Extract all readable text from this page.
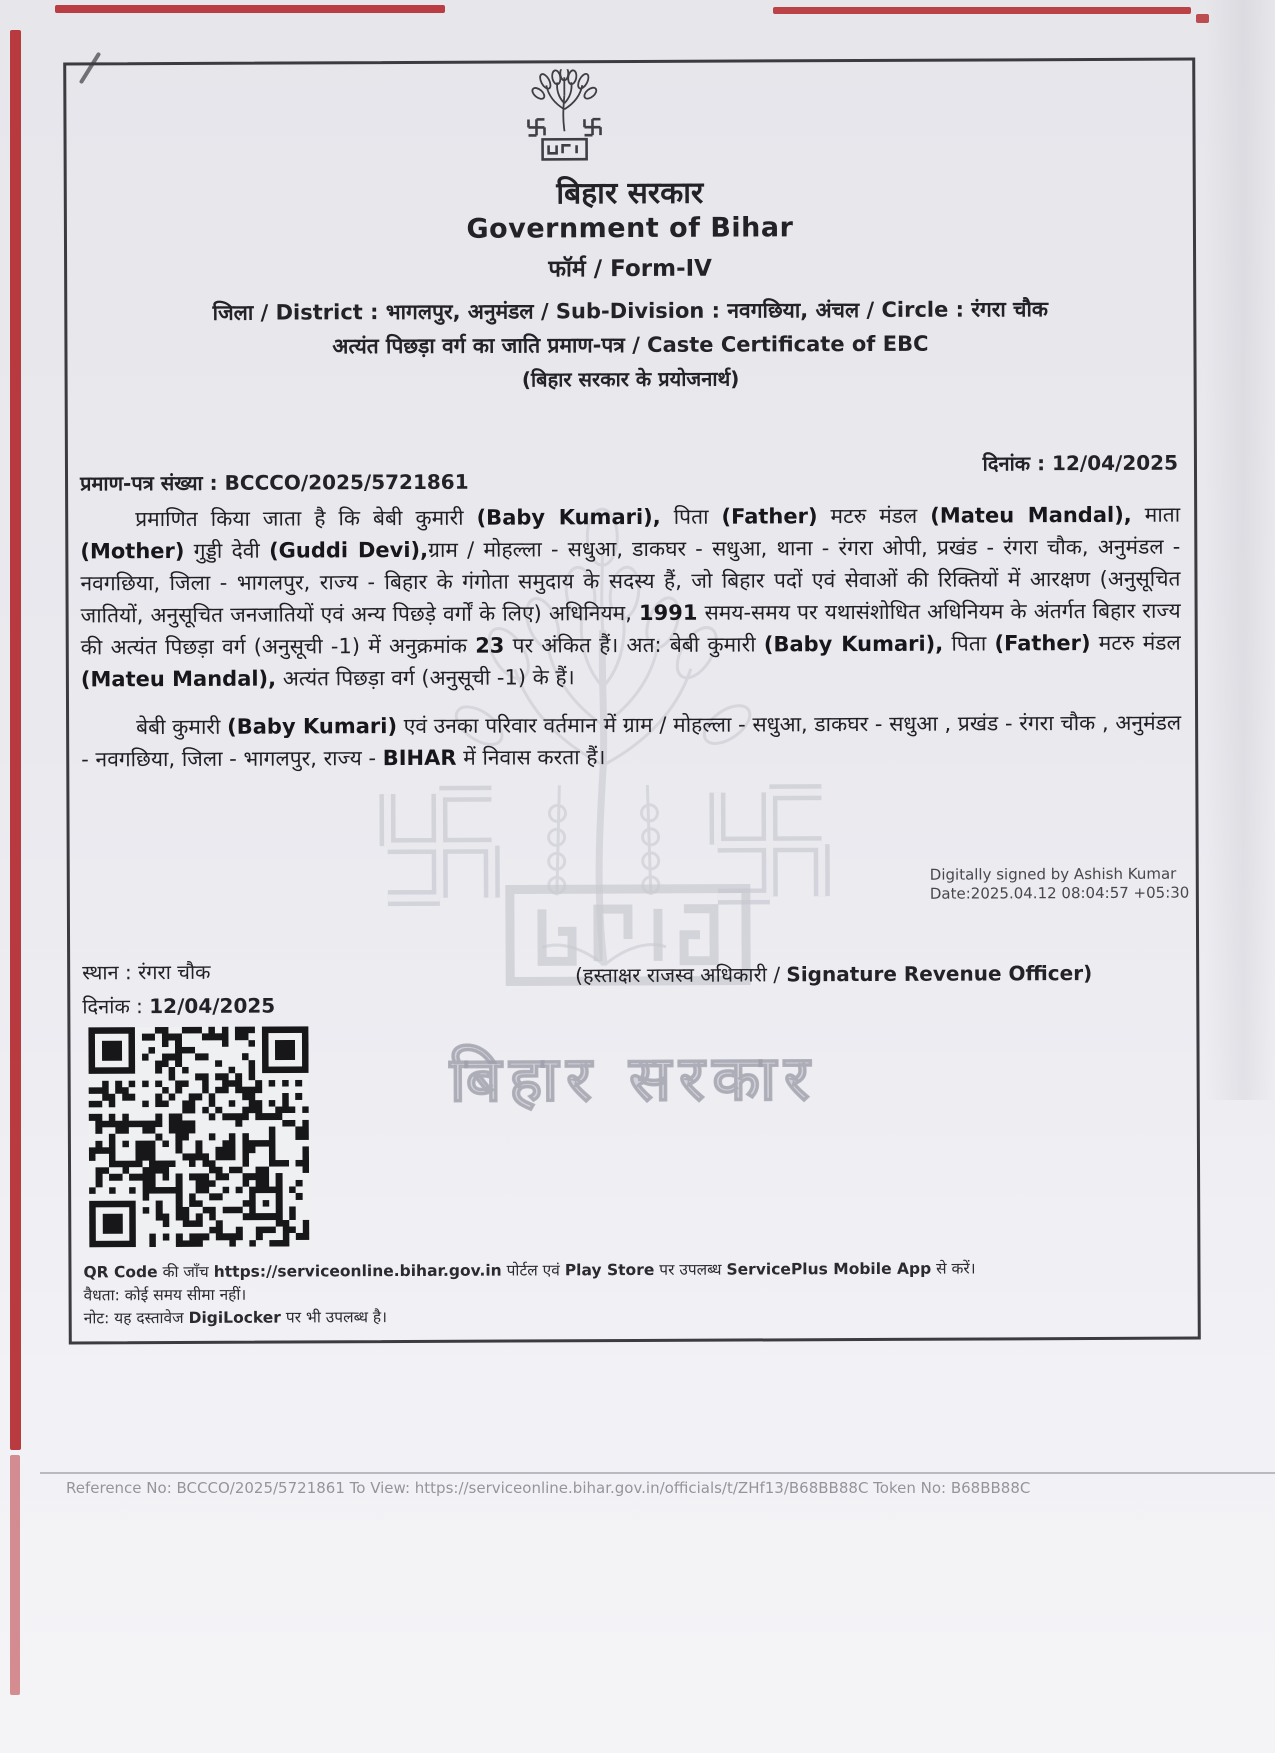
बिहार सरकार
बिहार सरकार
Government of Bihar
फॉर्म / Form-IV
जिला / District : भागलपुर, अनुमंडल / Sub-Division : नवगछिया, अंचल / Circle : रंगरा चौक
अत्यंत पिछड़ा वर्ग का जाति प्रमाण-पत्र / Caste Certificate of EBC
(बिहार सरकार के प्रयोजनार्थ)
दिनांक : 12/04/2025
प्रमाण-पत्र संख्या : BCCCO/2025/5721861
प्रमाणित किया जाता है कि बेबी कुमारी (Baby Kumari), पिता (Father) मटरु मंडल (Mateu Mandal), माता (Mother) गुड्डी देवी (Guddi Devi),ग्राम / मोहल्ला - सधुआ, डाकघर - सधुआ, थाना - रंगरा ओपी, प्रखंड - रंगरा चौक, अनुमंडल - नवगछिया, जिला - भागलपुर, राज्य - बिहार के गंगोता समुदाय के सदस्य हैं, जो बिहार पदों एवं सेवाओं की रिक्तियों में आरक्षण (अनुसूचित जातियों, अनुसूचित जनजातियों एवं अन्य पिछड़े वर्गों के लिए) अधिनियम, 1991 समय-समय पर यथासंशोधित अधिनियम के अंतर्गत बिहार राज्य की अत्यंत पिछड़ा वर्ग (अनुसूची -1) में अनुक्रमांक 23 पर अंकित हैं। अत: बेबी कुमारी (Baby Kumari), पिता (Father) मटरु मंडल (Mateu Mandal), अत्यंत पिछड़ा वर्ग (अनुसूची -1) के हैं।
बेबी कुमारी (Baby Kumari) एवं उनका परिवार वर्तमान में ग्राम / मोहल्ला - सधुआ, डाकघर - सधुआ , प्रखंड - रंगरा चौक , अनुमंडल - नवगछिया, जिला - भागलपुर, राज्य - BIHAR में निवास करता हैं।
Digitally signed by Ashish Kumar
Date:2025.04.12 08:04:57 +05:30
(हस्ताक्षर राजस्व अधिकारी / Signature Revenue Officer)
स्थान : रंगरा चौक
दिनांक : 12/04/2025
QR Code की जाँच https://serviceonline.bihar.gov.in पोर्टल एवं Play Store पर उपलब्ध ServicePlus Mobile App से करें।
वैधता: कोई समय सीमा नहीं।
नोट: यह दस्तावेज DigiLocker पर भी उपलब्ध है।
Reference No: BCCCO/2025/5721861 To View: https://serviceonline.bihar.gov.in/officials/t/ZHf13/B68BB88C Token No: B68BB88C
